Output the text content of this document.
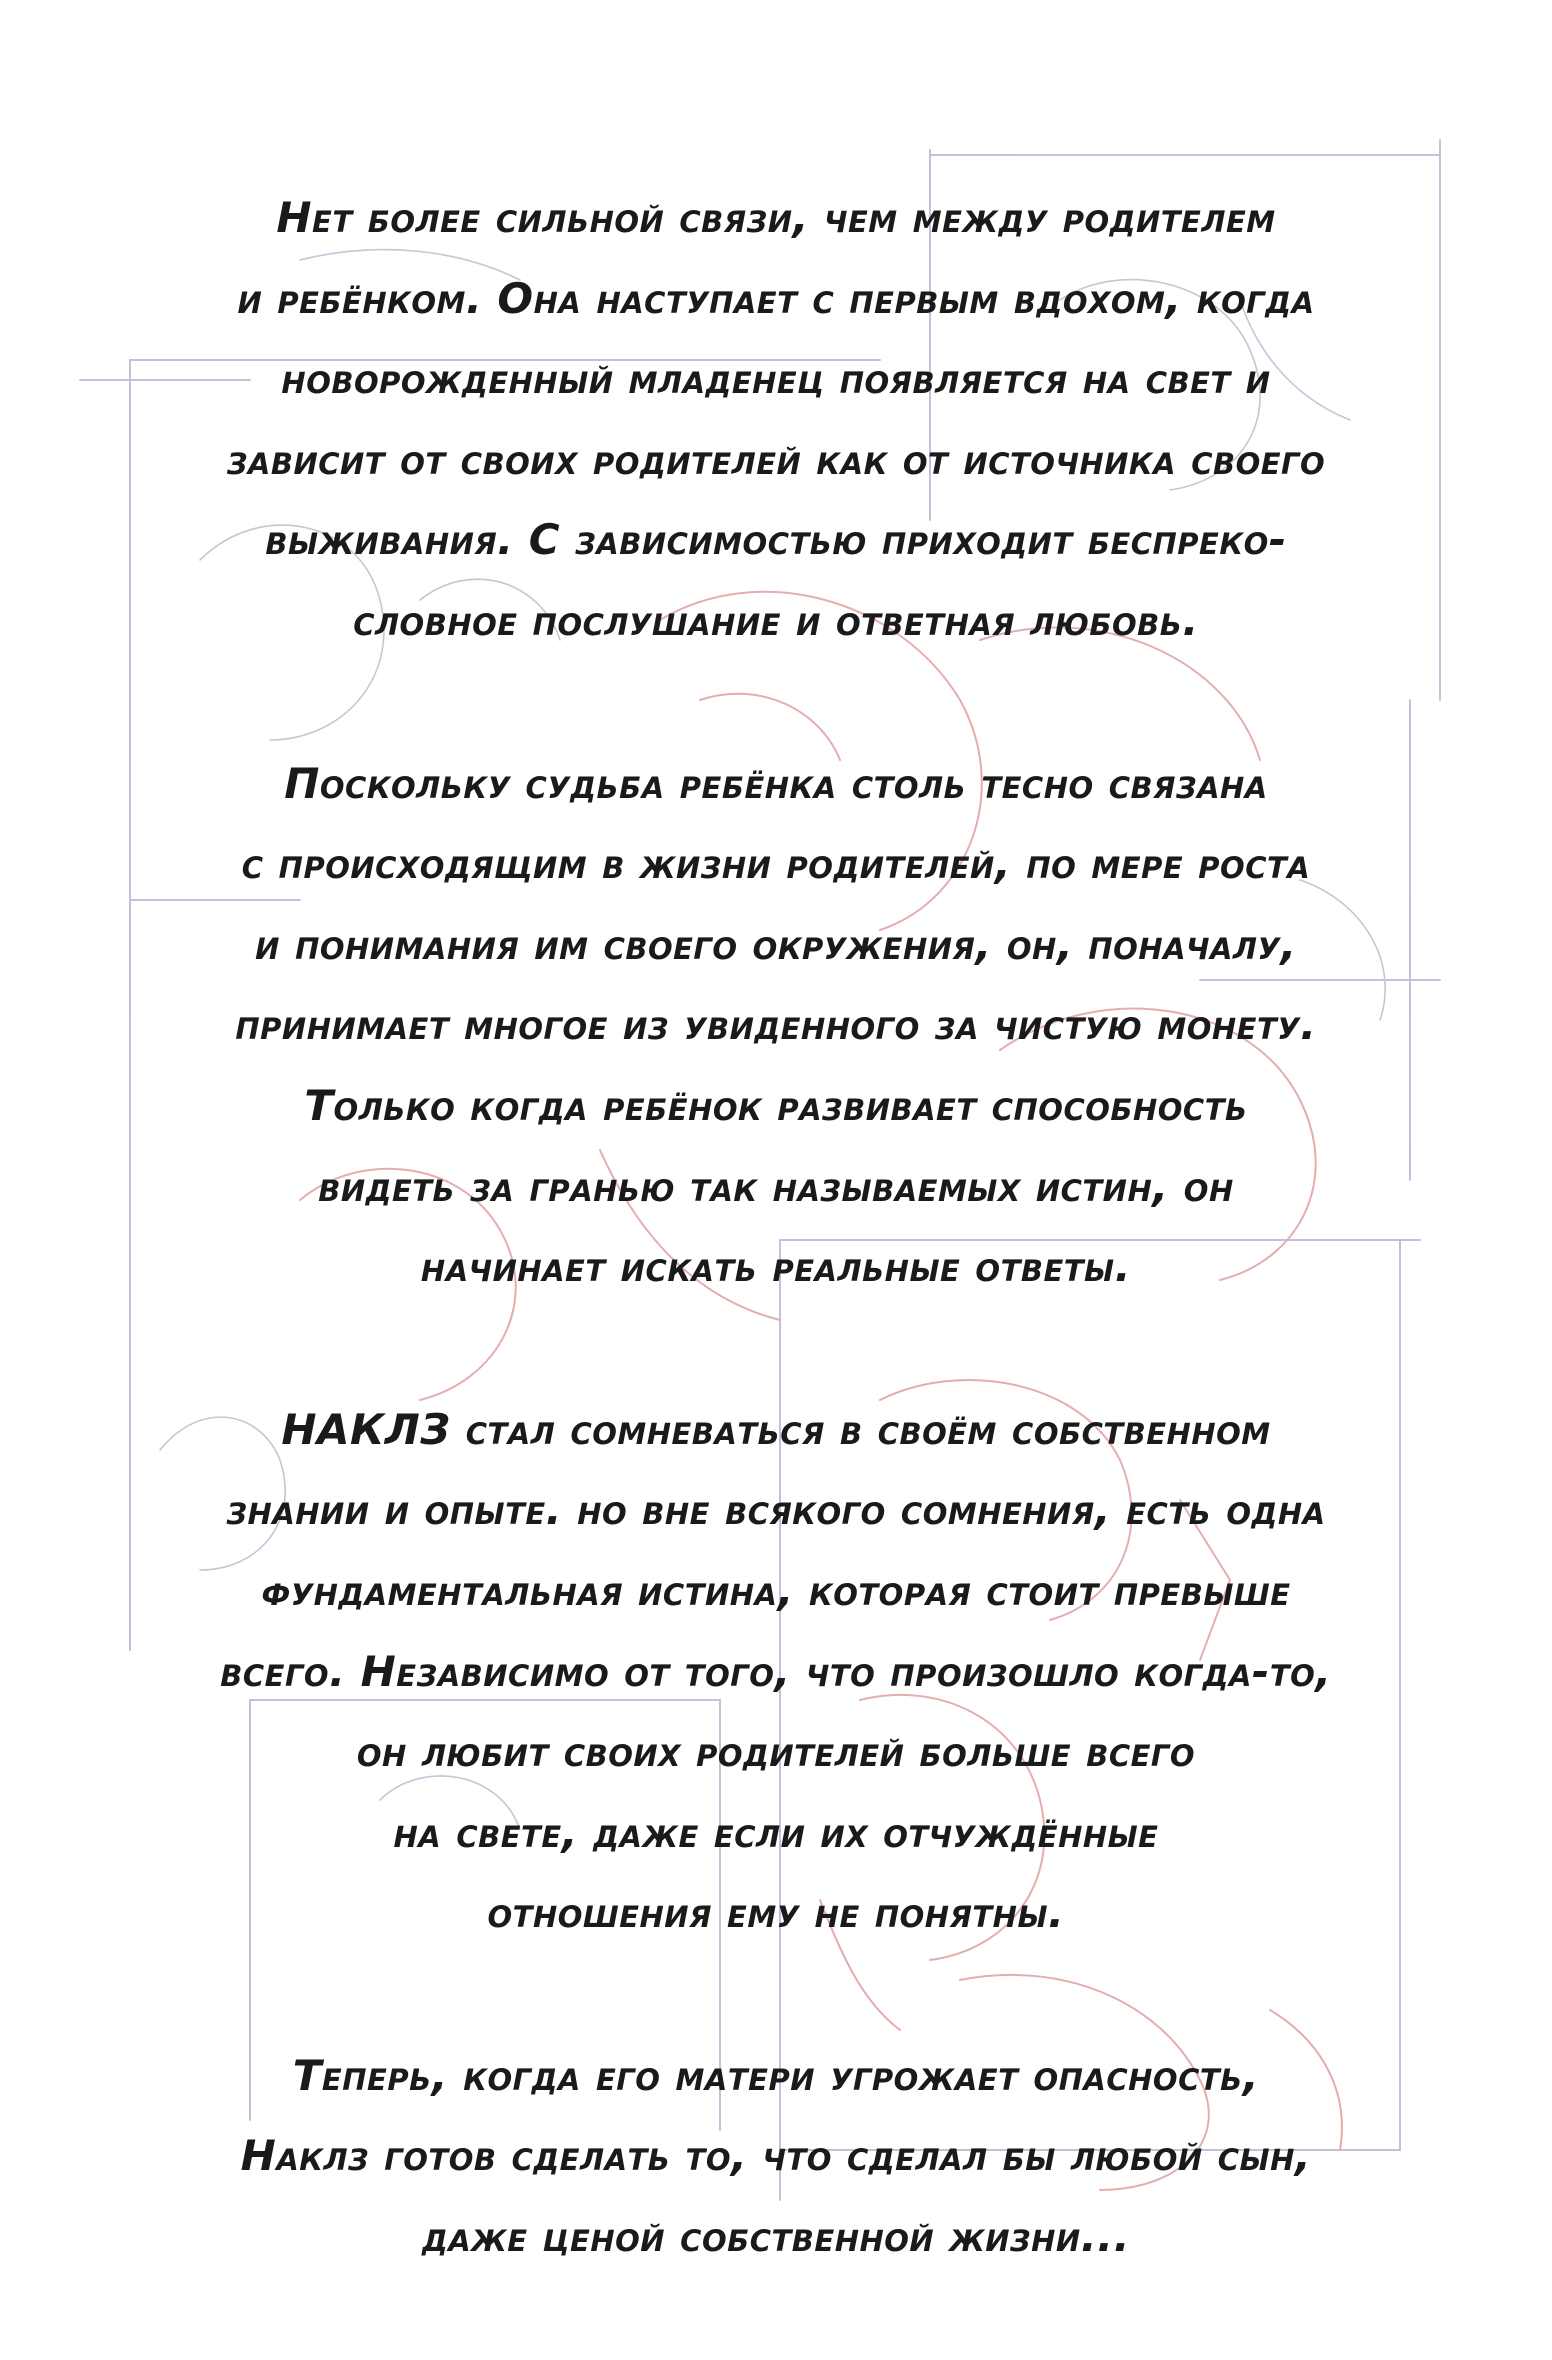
Нет более сильной связи, чем между родителем
и ребёнком. Она наступает с первым вдохом, когда
новорожденный младенец появляется на свет и
зависит от своих родителей как от источника своего
выживания. С зависимостью приходит беспреко-
словное послушание и ответная любовь.
Поскольку судьба ребёнка столь тесно связана
с происходящим в жизни родителей, по мере роста
и понимания им своего окружения, он, поначалу,
принимает многое из увиденного за чистую монету.
Только когда ребёнок развивает способность
видеть за гранью так называемых истин, он
начинает искать реальные ответы.
НАКЛЗ стал сомневаться в своём собственном
знании и опыте. но вне всякого сомнения, есть одна
фундаментальная истина, которая стоит превыше
всего. Независимо от того, что произошло когда-то,
он любит своих родителей больше всего
на свете, даже если их отчуждённые
отношения ему не понятны.
Теперь, когда его матери угрожает опасность,
Наклз готов сделать то, что сделал бы любой сын,
даже ценой собственной жизни...
